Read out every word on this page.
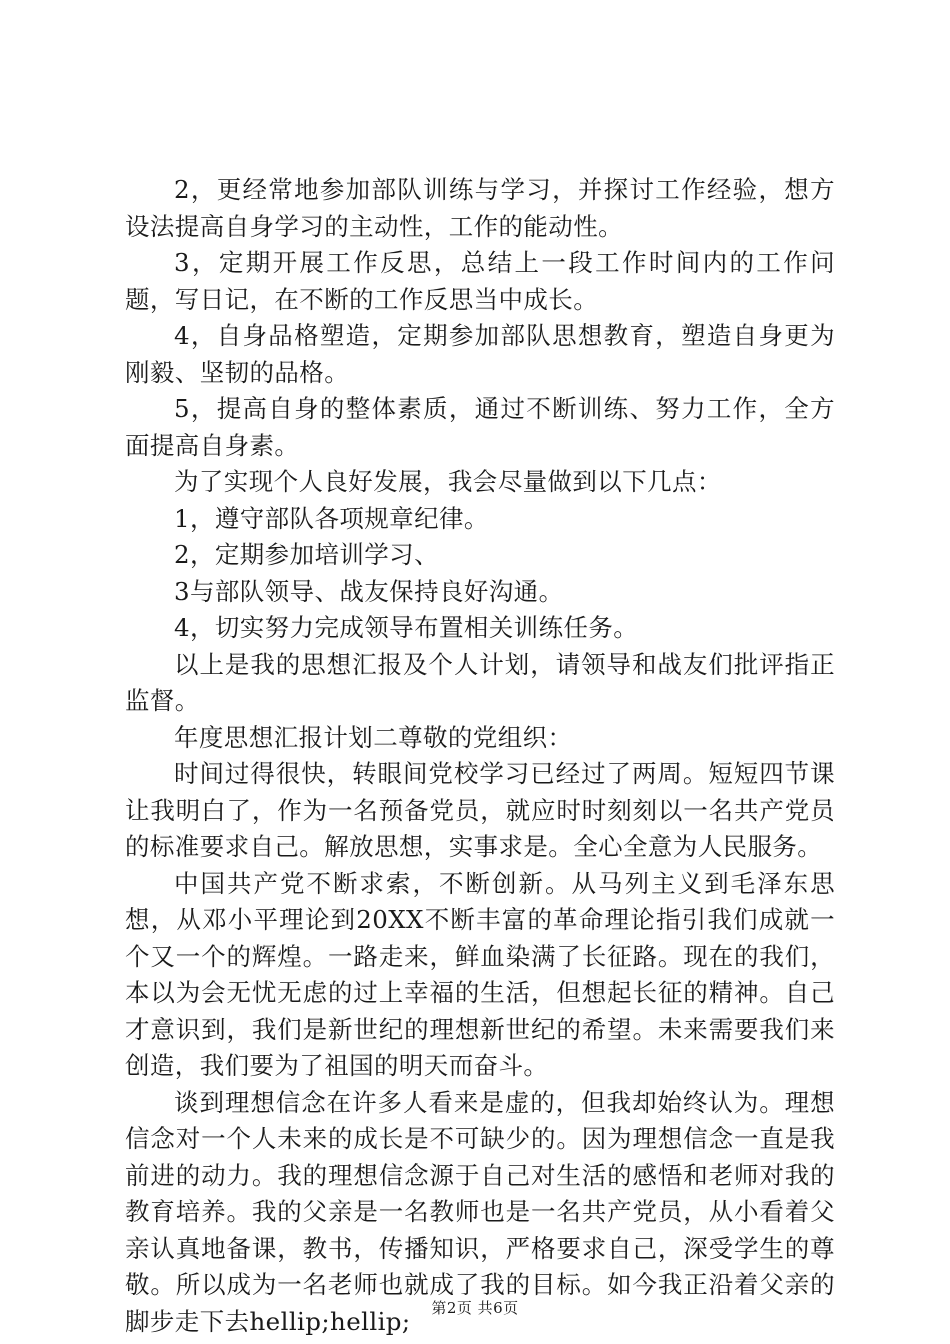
2，更经常地参加部队训练与学习，并探讨工作经验，想方设法提高自身学习的主动性，工作的能动性。

3，定期开展工作反思，总结上一段工作时间内的工作问题，写日记，在不断的工作反思当中成长。

4，自身品格塑造，定期参加部队思想教育，塑造自身更为刚毅、坚韧的品格。

5，提高自身的整体素质，通过不断训练、努力工作，全方面提高自身素。

为了实现个人良好发展，我会尽量做到以下几点：

1，遵守部队各项规章纪律。

2，定期参加培训学习、

3与部队领导、战友保持良好沟通。

4，切实努力完成领导布置相关训练任务。

以上是我的思想汇报及个人计划，请领导和战友们批评指正监督。

年度思想汇报计划二尊敬的党组织：

时间过得很快，转眼间党校学习已经过了两周。短短四节课让我明白了，作为一名预备党员，就应时时刻刻以一名共产党员的标准要求自己。解放思想，实事求是。全心全意为人民服务。

中国共产党不断求索，不断创新。从马列主义到毛泽东思想，从邓小平理论到20XX不断丰富的革命理论指引我们成就一个又一个的辉煌。一路走来，鲜血染满了长征路。现在的我们，本以为会无忧无虑的过上幸福的生活，但想起长征的精神。自己才意识到，我们是新世纪的理想新世纪的希望。未来需要我们来创造，我们要为了祖国的明天而奋斗。

谈到理想信念在许多人看来是虚的，但我却始终认为。理想信念对一个人未来的成长是不可缺少的。因为理想信念一直是我前进的动力。我的理想信念源于自己对生活的感悟和老师对我的教育培养。我的父亲是一名教师也是一名共产党员，从小看着父亲认真地备课，教书，传播知识，严格要求自己，深受学生的尊敬。所以成为一名老师也就成了我的目标。如今我正沿着父亲的脚步走下去hellip;hellip;	第2页 共6页
